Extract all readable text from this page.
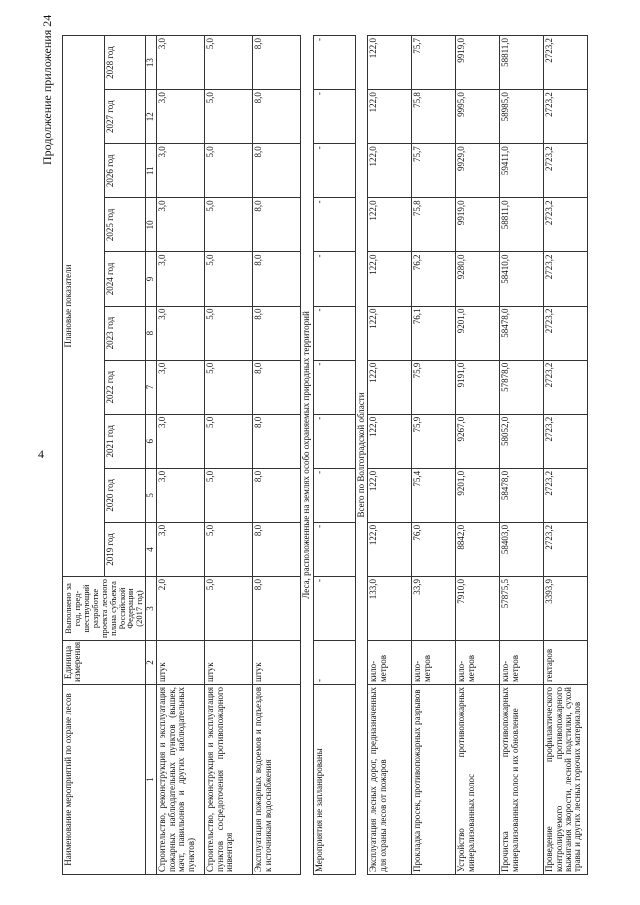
4
Продолжение приложения 24
Наименование мероприятий по охране лесов	Единица измерения	Выполнено за год, пред-шествующий разработке проекта лесного плана субъекта Российской Федерации (2017 год)	Плановые показатели									
			2019 год	2020 год	2021 год	2022 год	2023 год	2024 год	2025 год	2026 год	2027 год	2028 год
1	2	3	4	5	6	7	8	9	10	11	12	13
Строительство, реконструкция и эксплуатация пожарных наблюдательных пунктов (вышек, мачт, павильонов и других наблюдательных пунктов)	штук	2,0	3,0	3,0	3,0	3,0	3,0	3,0	3,0	3,0	3,0	3,0
Строительство, реконструкция и эксплуатация пунктов сосредоточения противопожарного инвентаря	штук	5,0	5,0	5,0	5,0	5,0	5,0	5,0	5,0	5,0	5,0	5,0
Эксплуатация пожарных водоемов и подъездов к источникам водоснабжения	штук	8,0	8,0	8,0	8,0	8,0	8,0	8,0	8,0	8,0	8,0	8,0
Леса, расположенные на землях особо охраняемых природных территорий												
Мероприятия не запланированы	-	-	-	-	-	-	-	-	-	-	-	-
Всего по Волгоградской области												
Эксплуатация лесных дорог, предназначенных для охраны лесов от пожаров	кило-метров	133,0	122,0	122,0	122,0	122,0	122,0	122,0	122,0	122,0	122,0	122,0
Прокладка просек, противопожарных разрывов	кило-метров	33,9	76,0	75,4	75,9	75,9	76,1	76,2	75,8	75,7	75,8	75,7
Устройство противопожарных минерализованных полос	кило-метров	7910,0	8842,0	9201,0	9267,0	9191,0	9201,0	9280,0	9919,0	9929,0	9995,0	9919,0
Прочистка противопожарных минерализованных полос и их обновление	кило-метров	57875,5	58403,0	58478,0	58052,0	57878,0	58478,0	58410,0	58811,0	59411,0	58985,0	58811,0
Проведение профилактического контролируемого противопожарного выжигания хворости, лесной подстилки, сухой травы и других лесных горючих материалов	гектаров	3393,9	2723,2	2723,2	2723,2	2723,2	2723,2	2723,2	2723,2	2723,2	2723,2	2723,2
